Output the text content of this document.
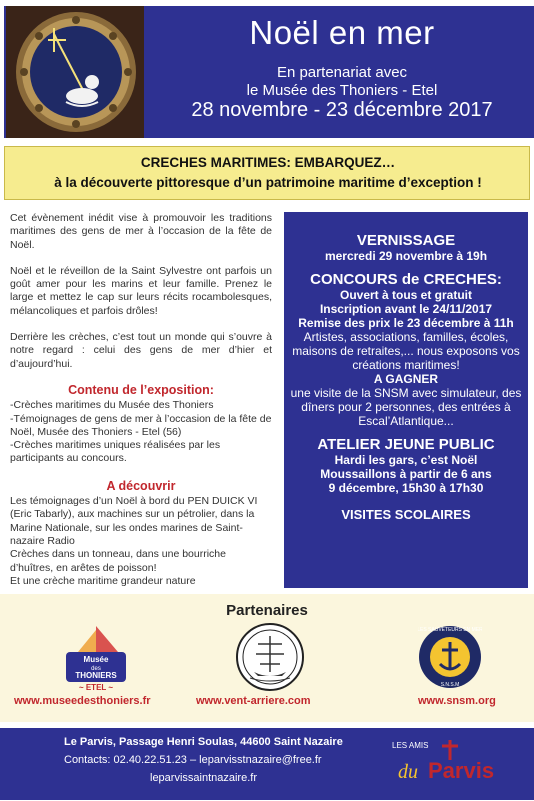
Noël en mer
En partenariat avec
le Musée des Thoniers - Etel
28 novembre - 23 décembre 2017
CRECHES MARITIMES: EMBARQUEZ…
à la découverte pittoresque d’un patrimoine maritime d’exception !

Cet évènement inédit vise à promouvoir les traditions maritimes des gens de mer à l’occasion de la fête de Noël.

Noël et le réveillon de la Saint Sylvestre ont parfois un goût amer pour les marins et leur famille. Prenez le large et mettez le cap sur leurs récits rocambolesques, mélancoliques et parfois drôles!

Derrière les crèches, c’est tout un monde qui s’ouvre à notre regard : celui des gens de mer d’hier et d’aujourd’hui.

Contenu de l’exposition:
-Crèches maritimes du Musée des Thoniers
-Témoignages de gens de mer à l’occasion de la fête de Noël, Musée des Thoniers - Etel (56)
-Crèches maritimes uniques réalisées par les participants au concours.
A découvrir
Les témoignages d’un Noël à bord du PEN DUICK VI (Eric Tabarly), aux machines sur un pétrolier, dans la Marine Nationale, sur les ondes marines de Saint-nazaire Radio
Crèches dans un tonneau, dans une bourriche d’huîtres, en arêtes de poisson!
Et une crèche maritime grandeur nature
VERNISSAGE
mercredi 29 novembre à 19h
CONCOURS de CRECHES:
Ouvert à tous et gratuit
Inscription avant le 24/11/2017
Remise des prix le 23 décembre à 11h
Artistes, associations, familles, écoles, maisons de retraites,... nous exposons vos créations maritimes!
A GAGNER
une visite de la SNSM avec simulateur, des dîners pour 2 personnes, des entrées à Escal’Atlantique...
ATELIER JEUNE PUBLIC
Hardi les gars, c’est Noël
Moussaillons à partir de 6 ans
9 décembre, 15h30 à 17h30
VISITES SCOLAIRES
Partenaires
Musée
des
THONIERS
~ ETEL ~
LES SAUVETEURS EN MER
S.N.S.M
www.museedesthoniers.fr	www.vent-arriere.com	www.snsm.org
Le Parvis, Passage Henri Soulas, 44600 Saint Nazaire
Contacts: 02.40.22.51.23 – leparvisstnazaire@free.fr
leparvissaintnazaire.fr
LES AMIS
du Parvis
